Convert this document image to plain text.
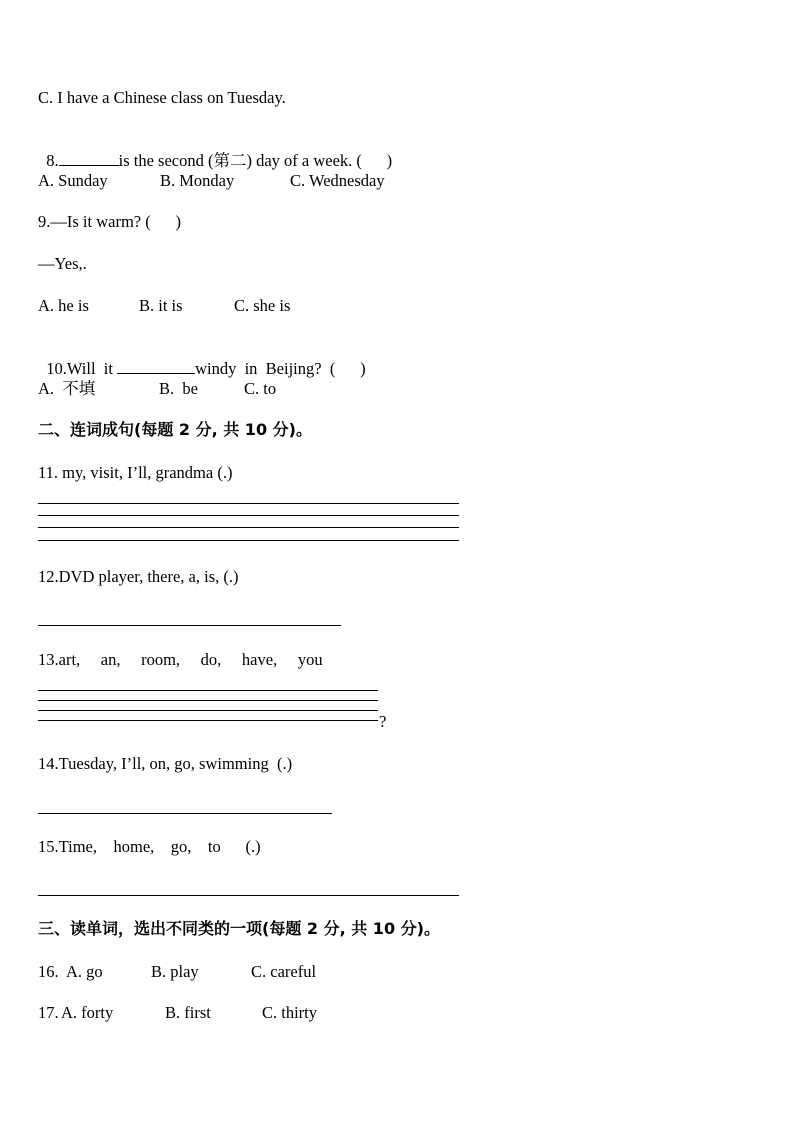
C. I have a Chinese class on Tuesday.

8.	is the second (第二) day of a week. (      )

A. Sunday

	B. Monday

	C. Wednesday

9.—Is it warm? (      )
—Yes,.

A. he is

	B. it is

	C. she is

10.Will  it	windy  in  Beijing?  (      )

A.  不填

	B.  be

	C. to

二、连词成句(每题 2 分, 共 10 分)。
11. my, visit, I’ll, grandma (.)
12.DVD player, there, a, is, (.)
13.art,     an,     room,     do,     have,     you
?
14.Tuesday, I’ll, on, go, swimming  (.)
15.Time,    home,    go,    to      (.)
三、读单词，选出不同类的一项(每题 2 分, 共 10 分)。

16.

A. go

	B. play

	C. careful

17.

A. forty

	B. first

	C. thirty
